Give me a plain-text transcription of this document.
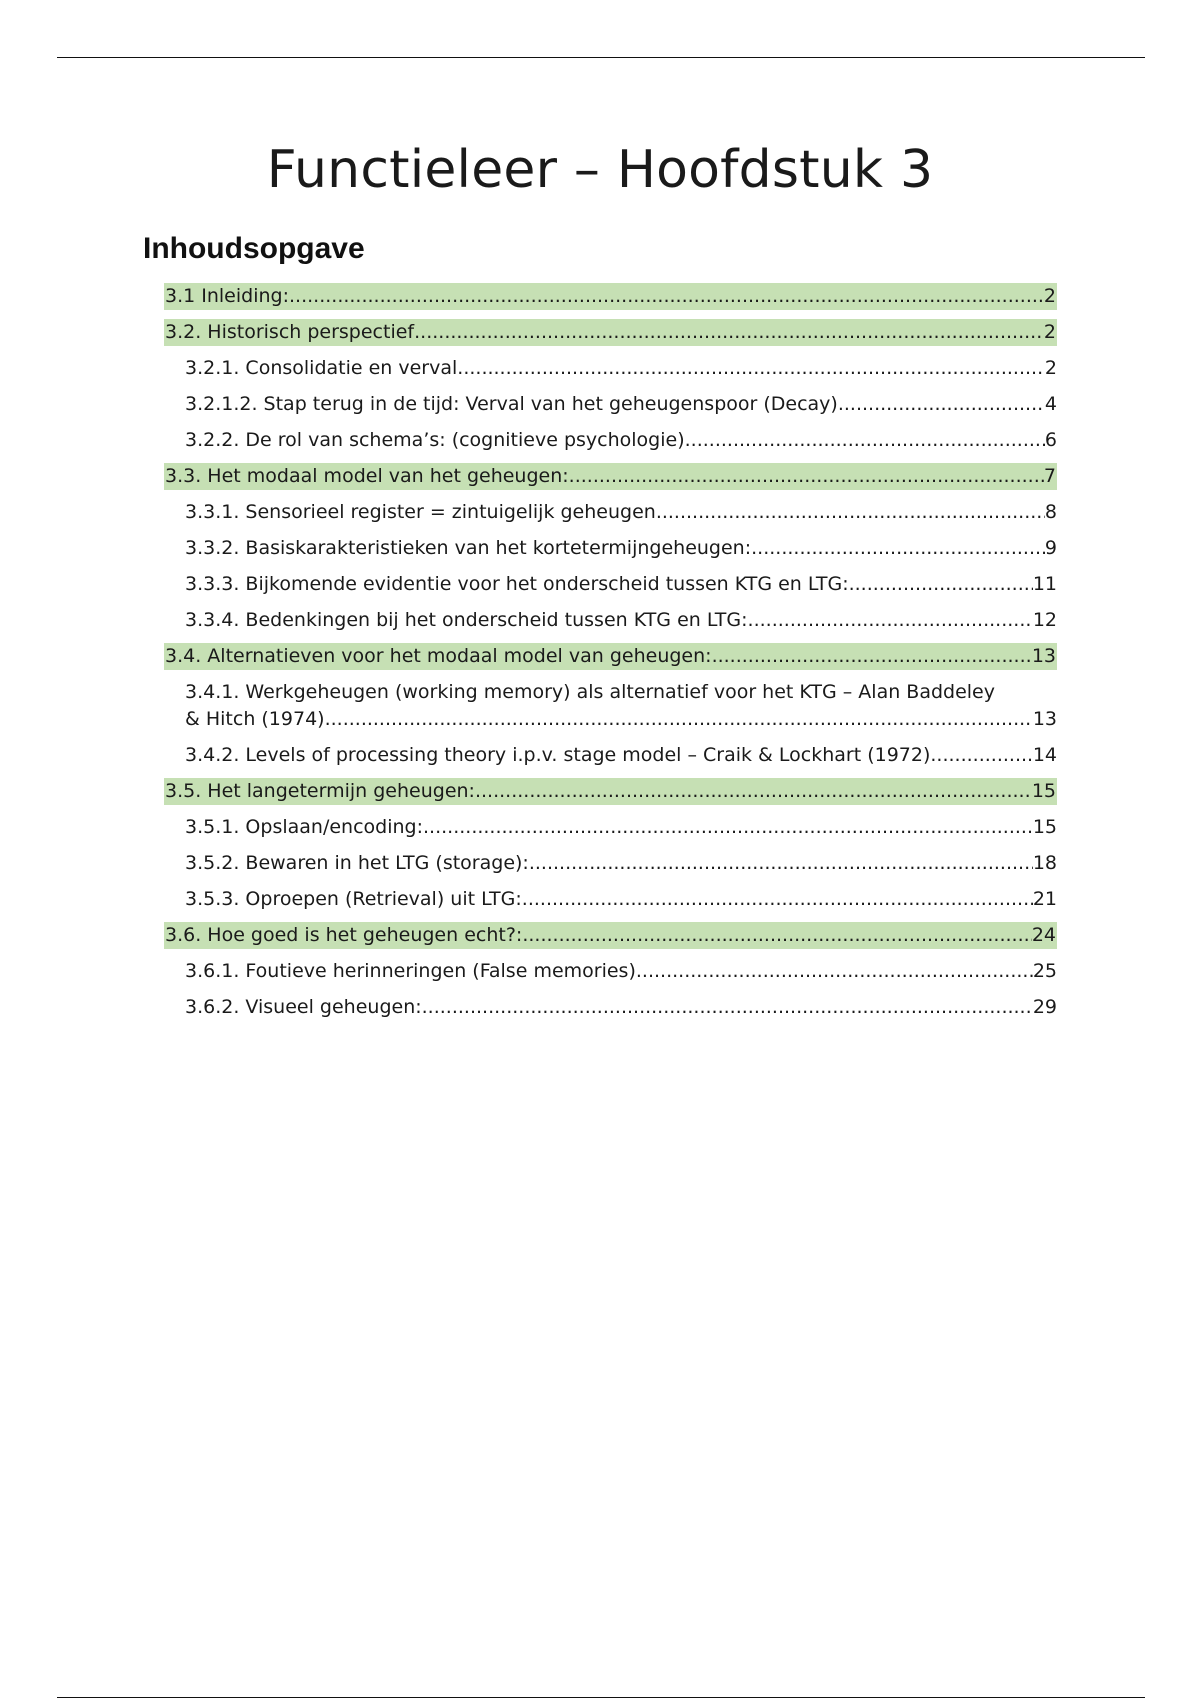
Functieleer – Hoofdstuk 3
Inhoudsopgave
3.1 Inleiding: .....	2
3.2. Historisch perspectief .....	2
3.2.1. Consolidatie en verval .....	2
3.2.1.2. Stap terug in de tijd: Verval van het geheugenspoor (Decay) .....	4
3.2.2. De rol van schema’s: (cognitieve psychologie) .....	6
3.3. Het modaal model van het geheugen: .....	7
3.3.1. Sensorieel register = zintuigelijk geheugen .....	8
3.3.2. Basiskarakteristieken van het kortetermijngeheugen: .....	9
3.3.3. Bijkomende evidentie voor het onderscheid tussen KTG en LTG: .....	11
3.3.4. Bedenkingen bij het onderscheid tussen KTG en LTG: .....	12
3.4. Alternatieven voor het modaal model van geheugen: .....	13
3.4.1. Werkgeheugen (working memory) als alternatief voor het KTG – Alan Baddeley
& Hitch (1974) .....	13
3.4.2. Levels of processing theory i.p.v. stage model – Craik & Lockhart (1972) .....	14
3.5. Het langetermijn geheugen: .....	15
3.5.1. Opslaan/encoding: .....	15
3.5.2. Bewaren in het LTG (storage): .....	18
3.5.3. Oproepen (Retrieval) uit LTG: .....	21
3.6. Hoe goed is het geheugen echt?: .....	24
3.6.1. Foutieve herinneringen (False memories) .....	25
3.6.2. Visueel geheugen: .....	29
